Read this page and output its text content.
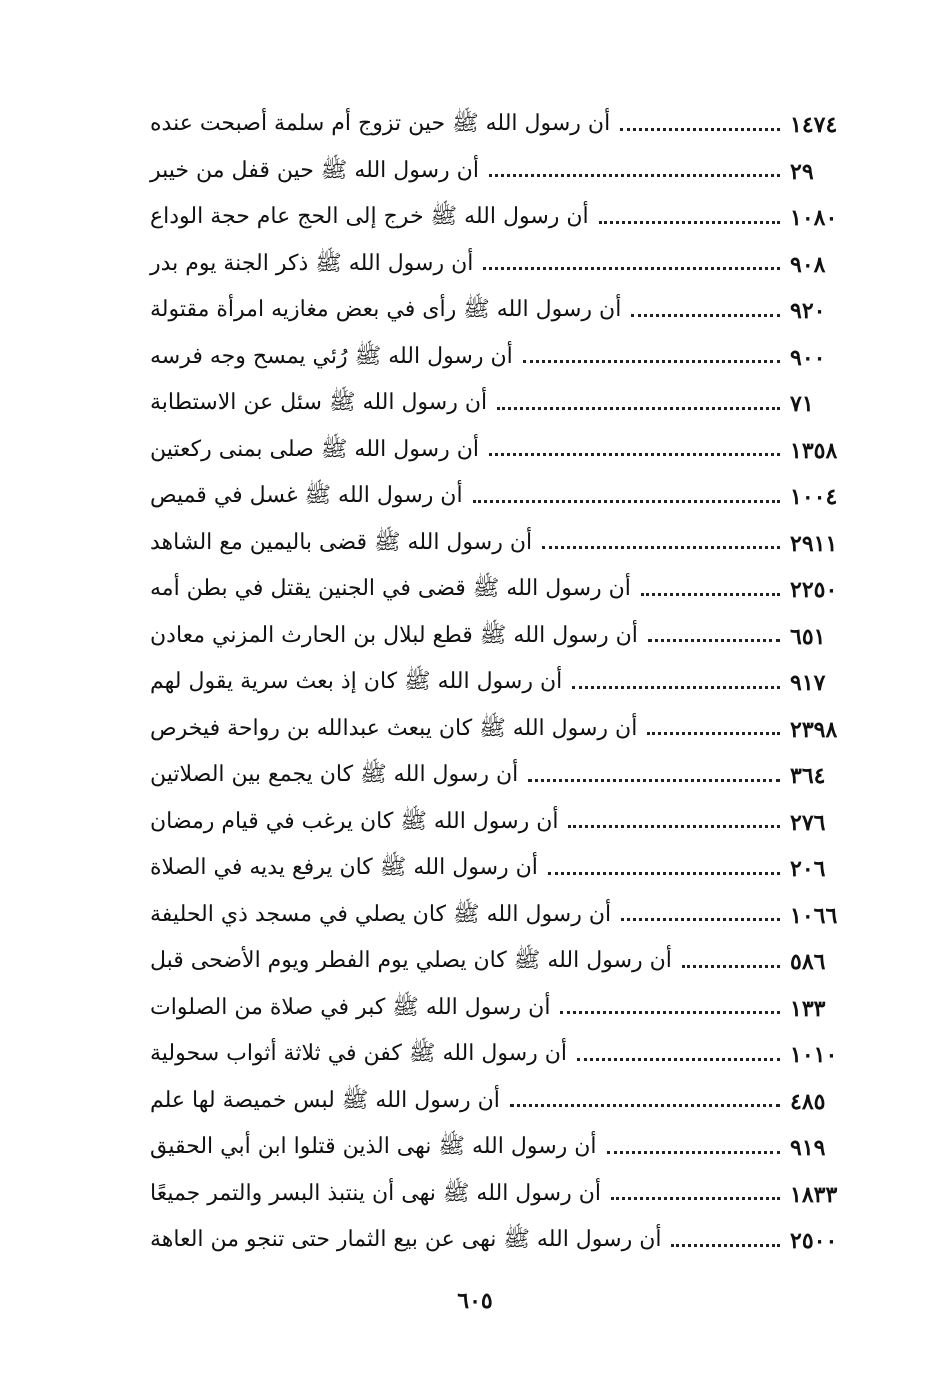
أن رسول الله ﷺ حين تزوج أم سلمة أصبحت عنده	١٤٧٤
أن رسول الله ﷺ حين قفل من خيبر	٢٩
أن رسول الله ﷺ خرج إلى الحج عام حجة الوداع	١٠٨٠
أن رسول الله ﷺ ذكر الجنة يوم بدر	٩٠٨
أن رسول الله ﷺ رأى في بعض مغازيه امرأة مقتولة	٩٢٠
أن رسول الله ﷺ رُئي يمسح وجه فرسه	٩٠٠
أن رسول الله ﷺ سئل عن الاستطابة	٧١
أن رسول الله ﷺ صلى بمنى ركعتين	١٣٥٨
أن رسول الله ﷺ غسل في قميص	١٠٠٤
أن رسول الله ﷺ قضى باليمين مع الشاهد	٢٩١١
أن رسول الله ﷺ قضى في الجنين يقتل في بطن أمه	٢٢٥٠
أن رسول الله ﷺ قطع لبلال بن الحارث المزني معادن	٦٥١
أن رسول الله ﷺ كان إذ بعث سرية يقول لهم	٩١٧
أن رسول الله ﷺ كان يبعث عبدالله بن رواحة فيخرص	٢٣٩٨
أن رسول الله ﷺ كان يجمع بين الصلاتين	٣٦٤
أن رسول الله ﷺ كان يرغب في قيام رمضان	٢٧٦
أن رسول الله ﷺ كان يرفع يديه في الصلاة	٢٠٦
أن رسول الله ﷺ كان يصلي في مسجد ذي الحليفة	١٠٦٦
أن رسول الله ﷺ كان يصلي يوم الفطر ويوم الأضحى قبل	٥٨٦
أن رسول الله ﷺ كبر في صلاة من الصلوات	١٣٣
أن رسول الله ﷺ كفن في ثلاثة أثواب سحولية	١٠١٠
أن رسول الله ﷺ لبس خميصة لها علم	٤٨٥
أن رسول الله ﷺ نهى الذين قتلوا ابن أبي الحقيق	٩١٩
أن رسول الله ﷺ نهى أن ينتبذ البسر والتمر جميعًا	١٨٣٣
أن رسول الله ﷺ نهى عن بيع الثمار حتى تنجو من العاهة	٢٥٠٠
٦٠٥
